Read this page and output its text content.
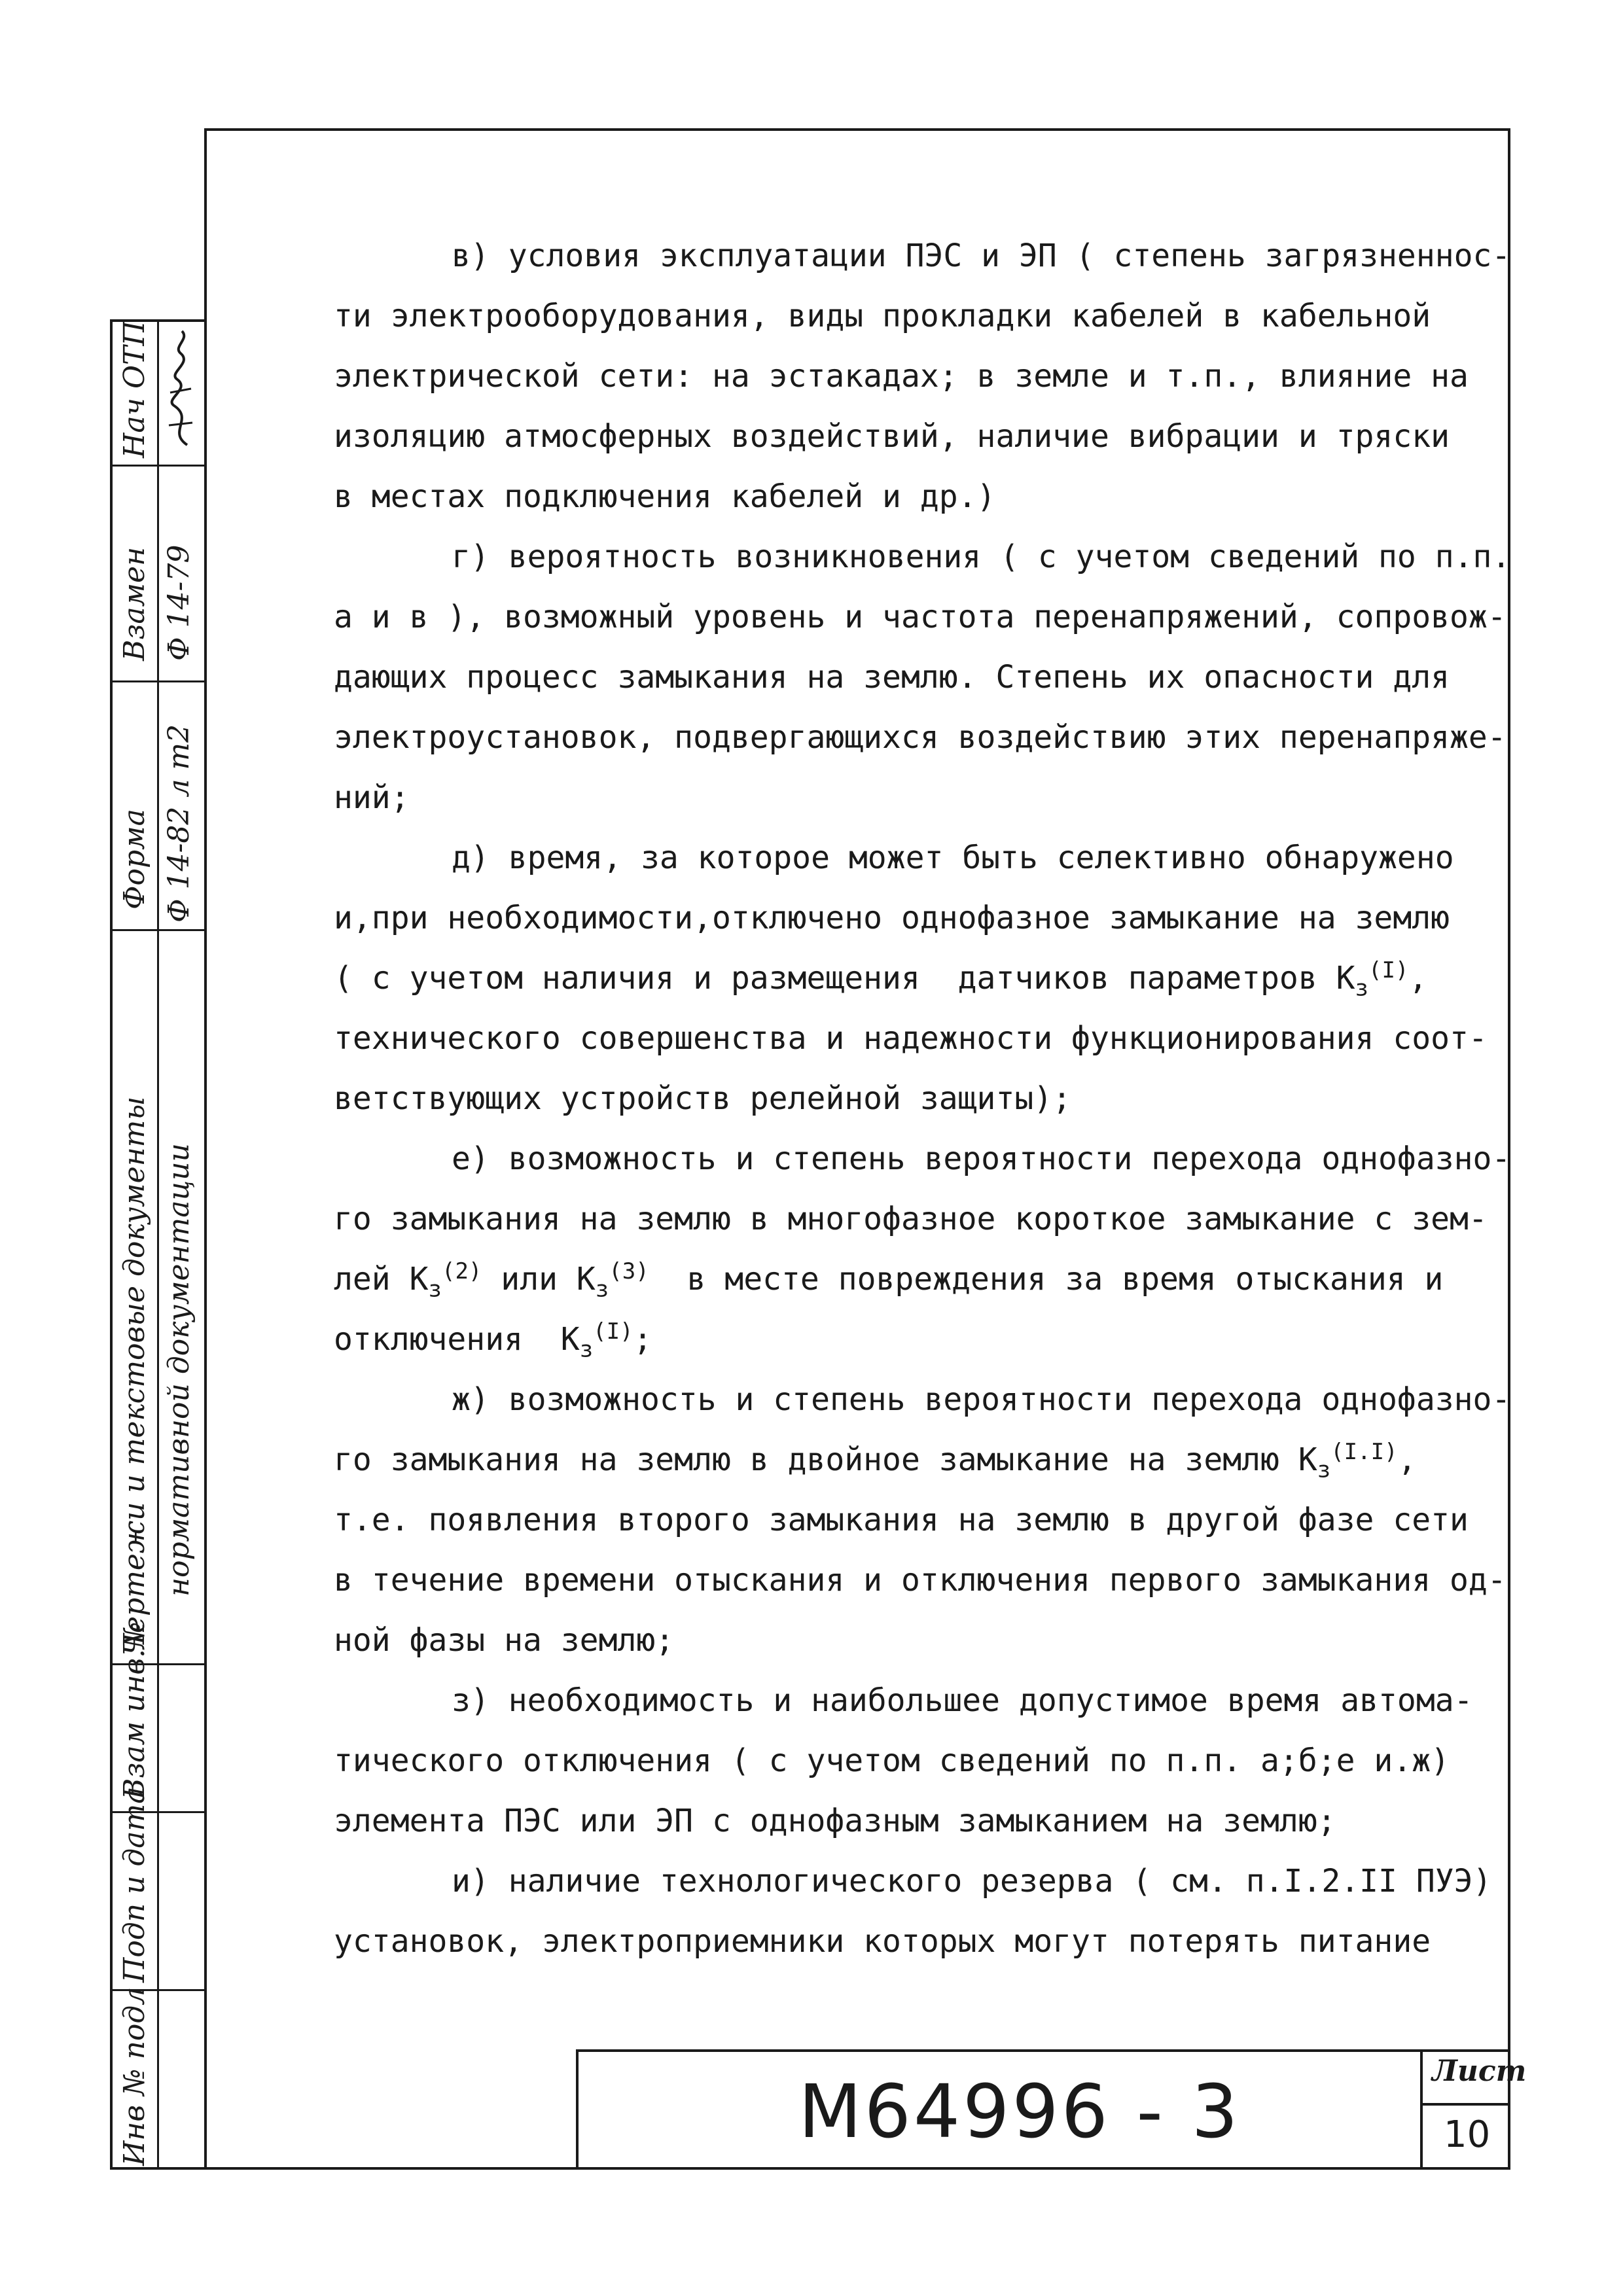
Инв № подл
Подп и дата
Взам инв.№
Чертежи и текстовые документы нормативной документации
Форма Ф 14-82 л т2
Взамен Ф 14-79
Нач ОТП
в) условия эксплуатации ПЭС и ЭП ( степень загрязненнос-
ти электрооборудования, виды прокладки кабелей в кабельной
электрической сети: на эстакадах; в земле и т.п., влияние на
изоляцию атмосферных воздействий, наличие вибрации и тряски
в местах подключения кабелей и др.)
г) вероятность возникновения ( с учетом сведений по п.п.
а и в ), возможный уровень и частота перенапряжений, сопровож-
дающих процесс замыкания на землю. Степень их опасности для
электроустановок, подвергающихся воздействию этих перенапряже-
ний;
д) время, за которое может быть селективно обнаружено
и,при необходимости,отключено однофазное замыкание на землю
( с учетом наличия и размещения  датчиков параметров $К_з^{(I)}$,
технического совершенства и надежности функционирования соот-
ветствующих устройств релейной защиты);
е) возможность и степень вероятности перехода однофазно-
го замыкания на землю в многофазное короткое замыкание с зем-
лей $К_з^{(2)}$ или $К_з^{(3)}$  в месте повреждения за время отыскания и
отключения  $К_з^{(I)}$;
ж) возможность и степень вероятности перехода однофазно-
го замыкания на землю в двойное замыкание на землю $К_з^{(I.I)}$,
т.е. появления второго замыкания на землю в другой фазе сети
в течение времени отыскания и отключения первого замыкания од-
ной фазы на землю;
з) необходимость и наибольшее допустимое время автома-
тического отключения ( с учетом сведений по п.п. а;б;е и.ж)
элемента ПЭС или ЭП с однофазным замыканием на землю;
и) наличие технологического резерва ( см. п.I.2.II ПУЭ)
установок, электроприемники которых могут потерять питание
М64996 - 3	Лист
10
